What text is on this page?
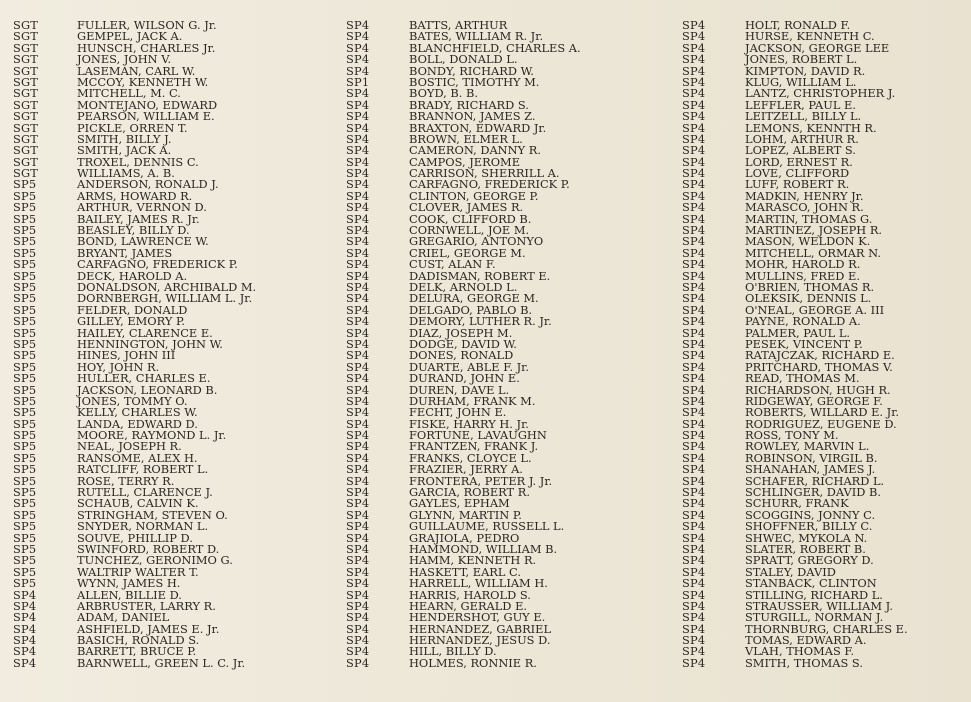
SGT	FULLER, WILSON G. Jr.
SGT	GEMPEL, JACK A.
SGT	HUNSCH, CHARLES Jr.
SGT	JONES, JOHN V.
SGT	LASEMAN, CARL W.
SGT	MCCOY, KENNETH W.
SGT	MITCHELL, M. C.
SGT	MONTEJANO, EDWARD
SGT	PEARSON, WILLIAM E.
SGT	PICKLE, ORREN T.
SGT	SMITH, BILLY J.
SGT	SMITH, JACK A.
SGT	TROXEL, DENNIS C.
SGT	WILLIAMS, A. B.
SP5	ANDERSON, RONALD J.
SP5	ARMS, HOWARD R.
SP5	ARTHUR, VERNON D.
SP5	BAILEY, JAMES R. Jr.
SP5	BEASLEY, BILLY D.
SP5	BOND, LAWRENCE W.
SP5	BRYANT, JAMES
SP5	CARFAGNO, FREDERICK P.
SP5	DECK, HAROLD A.
SP5	DONALDSON, ARCHIBALD M.
SP5	DORNBERGH, WILLIAM L. Jr.
SP5	FELDER, DONALD
SP5	GILLEY, EMORY P.
SP5	HAILEY, CLARENCE E.
SP5	HENNINGTON, JOHN W.
SP5	HINES, JOHN III
SP5	HOY, JOHN R.
SP5	HULLER, CHARLES E.
SP5	JACKSON, LEONARD B.
SP5	JONES, TOMMY O.
SP5	KELLY, CHARLES W.
SP5	LANDA, EDWARD D.
SP5	MOORE, RAYMOND L. Jr.
SP5	NEAL, JOSEPH R.
SP5	RANSOME, ALEX H.
SP5	RATCLIFF, ROBERT L.
SP5	ROSE, TERRY R.
SP5	RUTELL, CLARENCE J.
SP5	SCHAUB, CALVIN K.
SP5	STRINGHAM, STEVEN O.
SP5	SNYDER, NORMAN L.
SP5	SOUVE, PHILLIP D.
SP5	SWINFORD, ROBERT D.
SP5	TUNCHEZ, GERONIMO G.
SP5	WALTRIP WALTER T.
SP5	WYNN, JAMES H.
SP4	ALLEN, BILLIE D.
SP4	ARBRUSTER, LARRY R.
SP4	ADAM, DANIEL
SP4	ASHFIELD, JAMES E. Jr.
SP4	BASICH, RONALD S.
SP4	BARRETT, BRUCE P.
SP4	BARNWELL, GREEN L. C. Jr.
SP4	BATTS, ARTHUR
SP4	BATES, WILLIAM R. Jr.
SP4	BLANCHFIELD, CHARLES A.
SP4	BOLL, DONALD L.
SP4	BONDY, RICHARD W.
SP1	BOSTIC, TIMOTHY M.
SP4	BOYD, B. B.
SP4	BRADY, RICHARD S.
SP4	BRANNON, JAMES Z.
SP4	BRAXTON, EDWARD Jr.
SP4	BROWN, ELMER L.
SP4	CAMERON, DANNY R.
SP4	CAMPOS, JEROME
SP4	CARRISON, SHERRILL A.
SP4	CARFAGNO, FREDERICK P.
SP4	CLINTON, GEORGE P.
SP4	CLOVER, JAMES R.
SP4	COOK, CLIFFORD B.
SP4	CORNWELL, JOE M.
SP4	GREGARIO, ANTONYO
SP4	CRIEL, GEORGE M.
SP4	CUST, ALAN F.
SP4	DADISMAN, ROBERT E.
SP4	DELK, ARNOLD L.
SP4	DELURA, GEORGE M.
SP4	DELGADO, PABLO B.
SP4	DEMORY, LUTHER R. Jr.
SP4	DIAZ, JOSEPH M.
SP4	DODGE, DAVID W.
SP4	DONES, RONALD
SP4	DUARTE, ABLE F. Jr.
SP4	DURAND, JOHN E.
SP4	DUREN, DAVE L.
SP4	DURHAM, FRANK M.
SP4	FECHT, JOHN E.
SP4	FISKE, HARRY H. Jr.
SP4	FORTUNE, LAVAUGHN
SP4	FRANTZEN, FRANK J.
SP4	FRANKS, CLOYCE L.
SP4	FRAZIER, JERRY A.
SP4	FRONTERA, PETER J. Jr.
SP4	GARCIA, ROBERT R.
SP4	GAYLES, EPHAM
SP4	GLYNN, MARTIN P.
SP4	GUILLAUME, RUSSELL L.
SP4	GRAJIOLA, PEDRO
SP4	HAMMOND, WILLIAM B.
SP4	HAMM, KENNETH R.
SP4	HASKETT, EARL C.
SP4	HARRELL, WILLIAM H.
SP4	HARRIS, HAROLD S.
SP4	HEARN, GERALD E.
SP4	HENDERSHOT, GUY E.
SP4	HERNANDEZ, GABRIEL
SP4	HERNANDEZ, JESUS D.
SP4	HILL, BILLY D.
SP4	HOLMES, RONNIE R.
SP4	HOLT, RONALD F.
SP4	HURSE, KENNETH C.
SP4	JACKSON, GEORGE LEE
SP4	JONES, ROBERT L.
SP4	KIMPTON, DAVID R.
SP4	KLUG, WILLIAM L.
SP4	LANTZ, CHRISTOPHER J.
SP4	LEFFLER, PAUL E.
SP4	LEITZELL, BILLY L.
SP4	LEMONS, KENNTH R.
SP4	LOHM, ARTHUR R.
SP4	LOPEZ, ALBERT S.
SP4	LORD, ERNEST R.
SP4	LOVE, CLIFFORD
SP4	LUFF, ROBERT R.
SP4	MADKIN, HENRY Jr.
SP4	MARASCO, JOHN R.
SP4	MARTIN, THOMAS G.
SP4	MARTINEZ, JOSEPH R.
SP4	MASON, WELDON K.
SP4	MITCHELL, ORMAR N.
SP4	MOHR, HAROLD R.
SP4	MULLINS, FRED E.
SP4	O'BRIEN, THOMAS R.
SP4	OLEKSIK, DENNIS L.
SP4	O'NEAL, GEORGE A. III
SP4	PAYNE, RONALD A.
SP4	PALMER, PAUL L.
SP4	PESEK, VINCENT P.
SP4	RATAJCZAK, RICHARD E.
SP4	PRITCHARD, THOMAS V.
SP4	READ, THOMAS M.
SP4	RICHARDSON, HUGH R.
SP4	RIDGEWAY, GEORGE F.
SP4	ROBERTS, WILLARD E. Jr.
SP4	RODRIGUEZ, EUGENE D.
SP4	ROSS, TONY M.
SP4	ROWLEY, MARVIN L.
SP4	ROBINSON, VIRGIL B.
SP4	SHANAHAN, JAMES J.
SP4	SCHAFER, RICHARD L.
SP4	SCHLINGER, DAVID B.
SP4	SCHURR, FRANK
SP4	SCOGGINS, JONNY C.
SP4	SHOFFNER, BILLY C.
SP4	SHWEC, MYKOLA N.
SP4	SLATER, ROBERT B.
SP4	SPRATT, GREGORY D.
SP4	STALEY, DAVID
SP4	STANBACK, CLINTON
SP4	STILLING, RICHARD L.
SP4	STRAUSSER, WILLIAM J.
SP4	STURGILL, NORMAN J.
SP4	THORNBURG, CHARLES E.
SP4	TOMAS, EDWARD A.
SP4	VLAH, THOMAS F.
SP4	SMITH, THOMAS S.
